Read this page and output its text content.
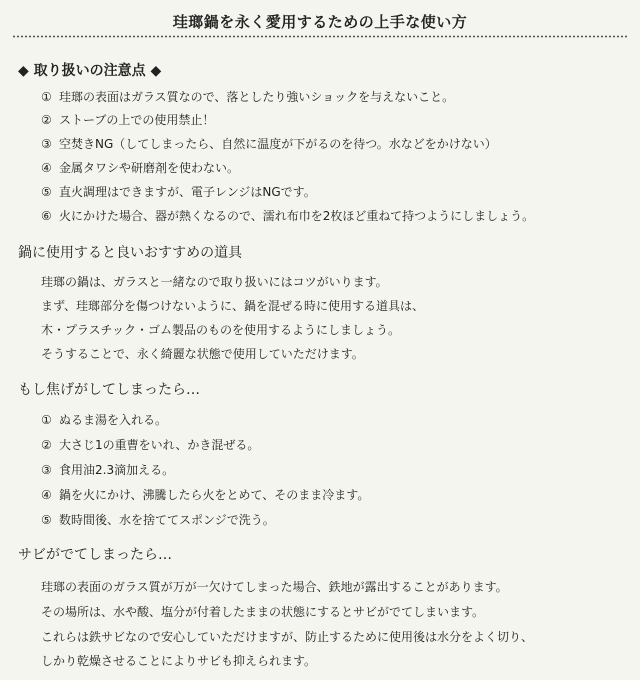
珪瑯鍋を永く愛用するための上手な使い方
◆ 取り扱いの注意点 ◆
① 珪瑯の表面はガラス質なので、落としたり強いショックを与えないこと。
② ストーブの上での使用禁止！
③ 空焚きNG（してしまったら、自然に温度が下がるのを待つ。水などをかけない）
④ 金属タワシや研磨剤を使わない。
⑤ 直火調理はできますが、電子レンジはNGです。
⑥ 火にかけた場合、器が熱くなるので、濡れ布巾を2枚ほど重ねて持つようにしましょう。
鍋に使用すると良いおすすめの道具
珪瑯の鍋は、ガラスと一緒なので取り扱いにはコツがいります。
まず、珪瑯部分を傷つけないように、鍋を混ぜる時に使用する道具は、
木・プラスチック・ゴム製品のものを使用するようにしましょう。
そうすることで、永く綺麗な状態で使用していただけます。
もし焦げがしてしまったら…
① ぬるま湯を入れる。
② 大さじ1の重曹をいれ、かき混ぜる。
③ 食用油2.3滴加える。
④ 鍋を火にかけ、沸騰したら火をとめて、そのまま冷ます。
⑤ 数時間後、水を捨ててスポンジで洗う。
サビがでてしまったら…
珪瑯の表面のガラス質が万が一欠けてしまった場合、鉄地が露出することがあります。
その場所は、水や酸、塩分が付着したままの状態にするとサビがでてしまいます。
これらは鉄サビなので安心していただけますが、防止するために使用後は水分をよく切り、
しかり乾燥させることによりサビも抑えられます。
